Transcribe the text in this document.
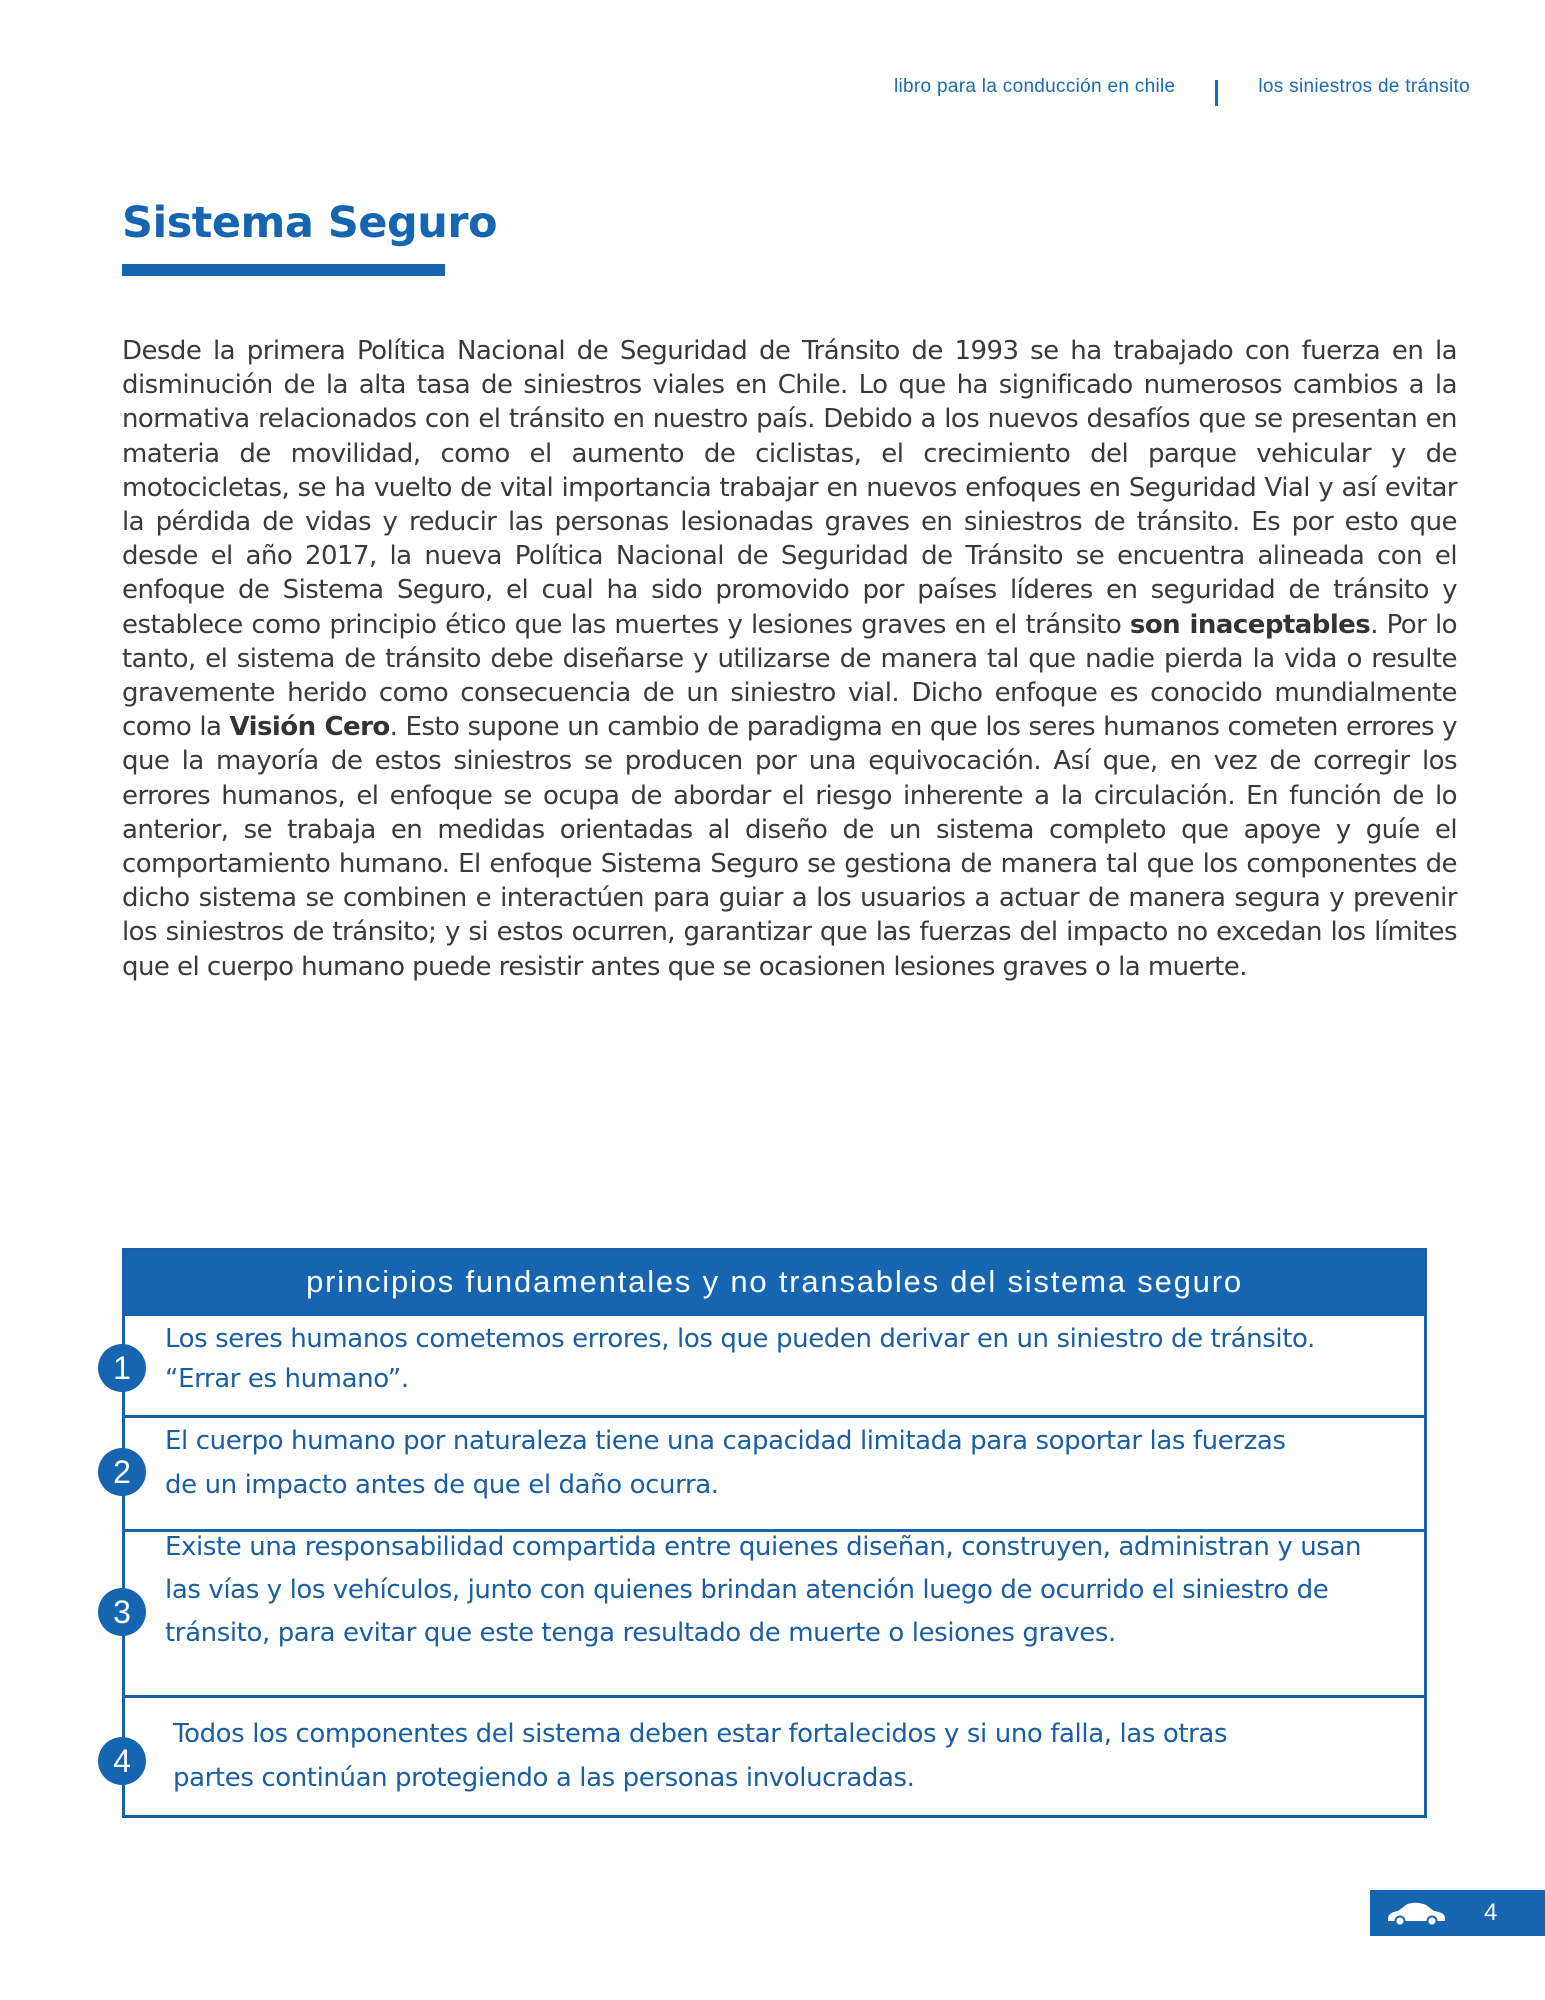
libro para la conducción en chile	los siniestros de tránsito
Sistema Seguro

Desde la primera Política Nacional de Seguridad de Tránsito de 1993 se ha trabajado con fuerza en la disminución de la alta tasa de siniestros viales en Chile. Lo que ha significado numerosos cambios a la normativa relacionados con el tránsito en nuestro país. Debido a los nuevos desafíos que se presentan en materia de movilidad, como el aumento de ciclistas, el crecimiento del parque vehicular y de motocicletas, se ha vuelto de vital importancia trabajar en nuevos enfoques en Seguridad Vial y así evitar la pérdida de vidas y reducir las personas lesionadas graves en siniestros de tránsito. Es por esto que desde el año 2017, la nueva Política Nacional de Seguridad de Tránsito se encuentra alineada con el enfoque de Sistema Seguro, el cual ha sido promovido por países líderes en seguridad de tránsito y establece como principio ético que las muertes y lesiones graves en el tránsito son inaceptables. Por lo tanto, el sistema de tránsito debe diseñarse y utilizarse de manera tal que nadie pierda la vida o resulte gravemente herido como consecuencia de un siniestro vial. Dicho enfoque es conocido mundialmente como la Visión Cero. Esto supone un cambio de paradigma en que los seres humanos cometen errores y que la mayoría de estos siniestros se producen por una equivocación. Así que, en vez de corregir los errores humanos, el enfoque se ocupa de abordar el riesgo inherente a la circulación. En función de lo anterior, se trabaja en medidas orientadas al diseño de un sistema completo que apoye y guíe el comportamiento humano. El enfoque Sistema Seguro se gestiona de manera tal que los componentes de dicho sistema se combinen e interactúen para guiar a los usuarios a actuar de manera segura y prevenir los siniestros de tránsito; y si estos ocurren, garantizar que las fuerzas del impacto no excedan los límites que el cuerpo humano puede resistir antes que se ocasionen lesiones graves o la muerte.

principios fundamentales y no transables del sistema seguro
1

Los seres humanos cometemos errores, los que pueden derivar en un siniestro de tránsito.
“Errar es humano”.

2

El cuerpo humano por naturaleza tiene una capacidad limitada para soportar las fuerzas
de un impacto antes de que el daño ocurra.

3

Existe una responsabilidad compartida entre quienes diseñan, construyen, administran y usan
las vías y los vehículos, junto con quienes brindan atención luego de ocurrido el siniestro de
tránsito, para evitar que este tenga resultado de muerte o lesiones graves.

4

Todos los componentes del sistema deben estar fortalecidos y si uno falla, las otras
partes continúan protegiendo a las personas involucradas.

4
